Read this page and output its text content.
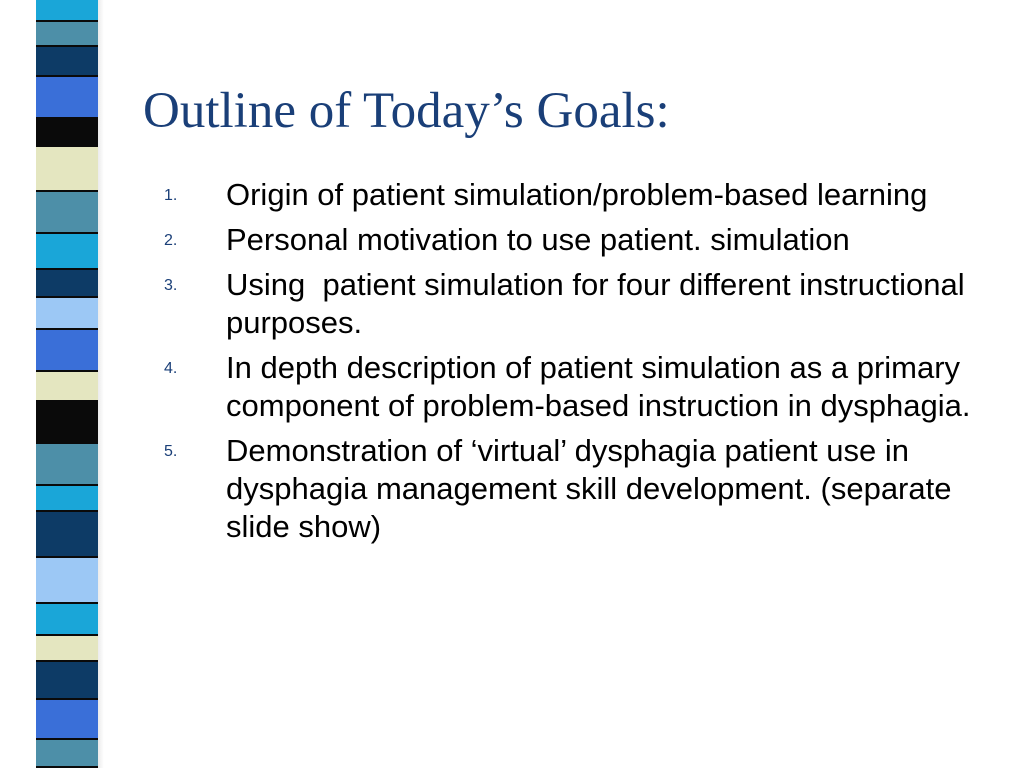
Outline of Today’s Goals:
1. Origin of patient simulation/problem-based learning
2. Personal motivation to use patient. simulation
3. Using  patient simulation for four different instructional purposes.
4. In depth description of patient simulation as a primary component of problem-based instruction in dysphagia.
5. Demonstration of ‘virtual’ dysphagia patient use in dysphagia management skill development. (separate slide show)
